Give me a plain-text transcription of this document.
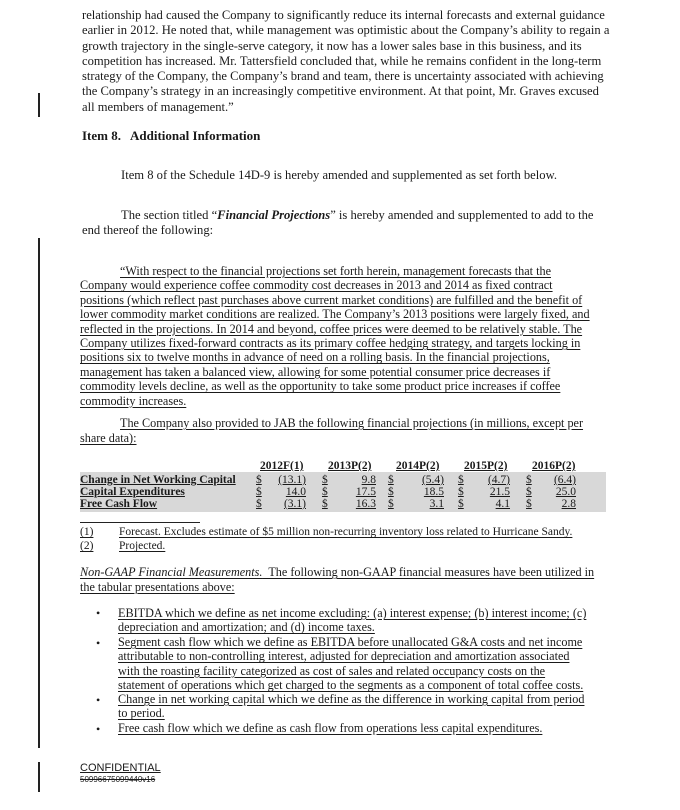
relationship had caused the Company to significantly reduce its internal forecasts and external guidance
earlier in 2012. He noted that, while management was optimistic about the Company’s ability to regain a
growth trajectory in the single-serve category, it now has a lower sales base in this business, and its
competition has increased. Mr. Tattersfield concluded that, while he remains confident in the long-term
strategy of the Company, the Company’s brand and team, there is uncertainty associated with achieving
the Company’s strategy in an increasingly competitive environment. At that point, Mr. Graves excused
all members of management.”
Item 8.   Additional Information
Item 8 of the Schedule 14D-9 is hereby amended and supplemented as set forth below.
The section titled “Financial Projections” is hereby amended and supplemented to add to the
end thereof the following:
“With respect to the financial projections set forth herein, management forecasts that the
Company would experience coffee commodity cost decreases in 2013 and 2014 as fixed contract
positions (which reflect past purchases above current market conditions) are fulfilled and the benefit of
lower commodity market conditions are realized. The Company’s 2013 positions were largely fixed, and
reflected in the projections. In 2014 and beyond, coffee prices were deemed to be relatively stable. The
Company utilizes fixed-forward contracts as its primary coffee hedging strategy, and targets locking in
positions six to twelve months in advance of need on a rolling basis. In the financial projections,
management has taken a balanced view, allowing for some potential consumer price decreases if
commodity levels decline, as well as the opportunity to take some product price increases if coffee
commodity increases.
The Company also provided to JAB the following financial projections (in millions, except per
share data):
2012F(1) 2013P(2) 2014P(2) 2015P(2) 2016P(2)
Change in Net Working Capital $ (13.1) $	9.8 $	(5.4) $	(4.7) $	(6.4)
Capital Expenditures	$	14.0 $	17.5 $	18.5 $	21.5 $	25.0
Free Cash Flow	$	(3.1) $	16.3 $	3.1 $	4.1 $	2.8
(1) Forecast. Excludes estimate of $5 million non-recurring inventory loss related to Hurricane Sandy.
(2) Projected.
Non-GAAP Financial Measurements.  The following non-GAAP financial measures have been utilized in
the tabular presentations above:
• EBITDA which we define as net income excluding: (a) interest expense; (b) interest income; (c)
depreciation and amortization; and (d) income taxes.
• Segment cash flow which we define as EBITDA before unallocated G&A costs and net income
attributable to non-controlling interest, adjusted for depreciation and amortization associated
with the roasting facility categorized as cost of sales and related occupancy costs on the
statement of operations which get charged to the segments as a component of total coffee costs.
• Change in net working capital which we define as the difference in working capital from period
to period.
• Free cash flow which we define as cash flow from operations less capital expenditures.
CONFIDENTIAL
50996675099440v16
